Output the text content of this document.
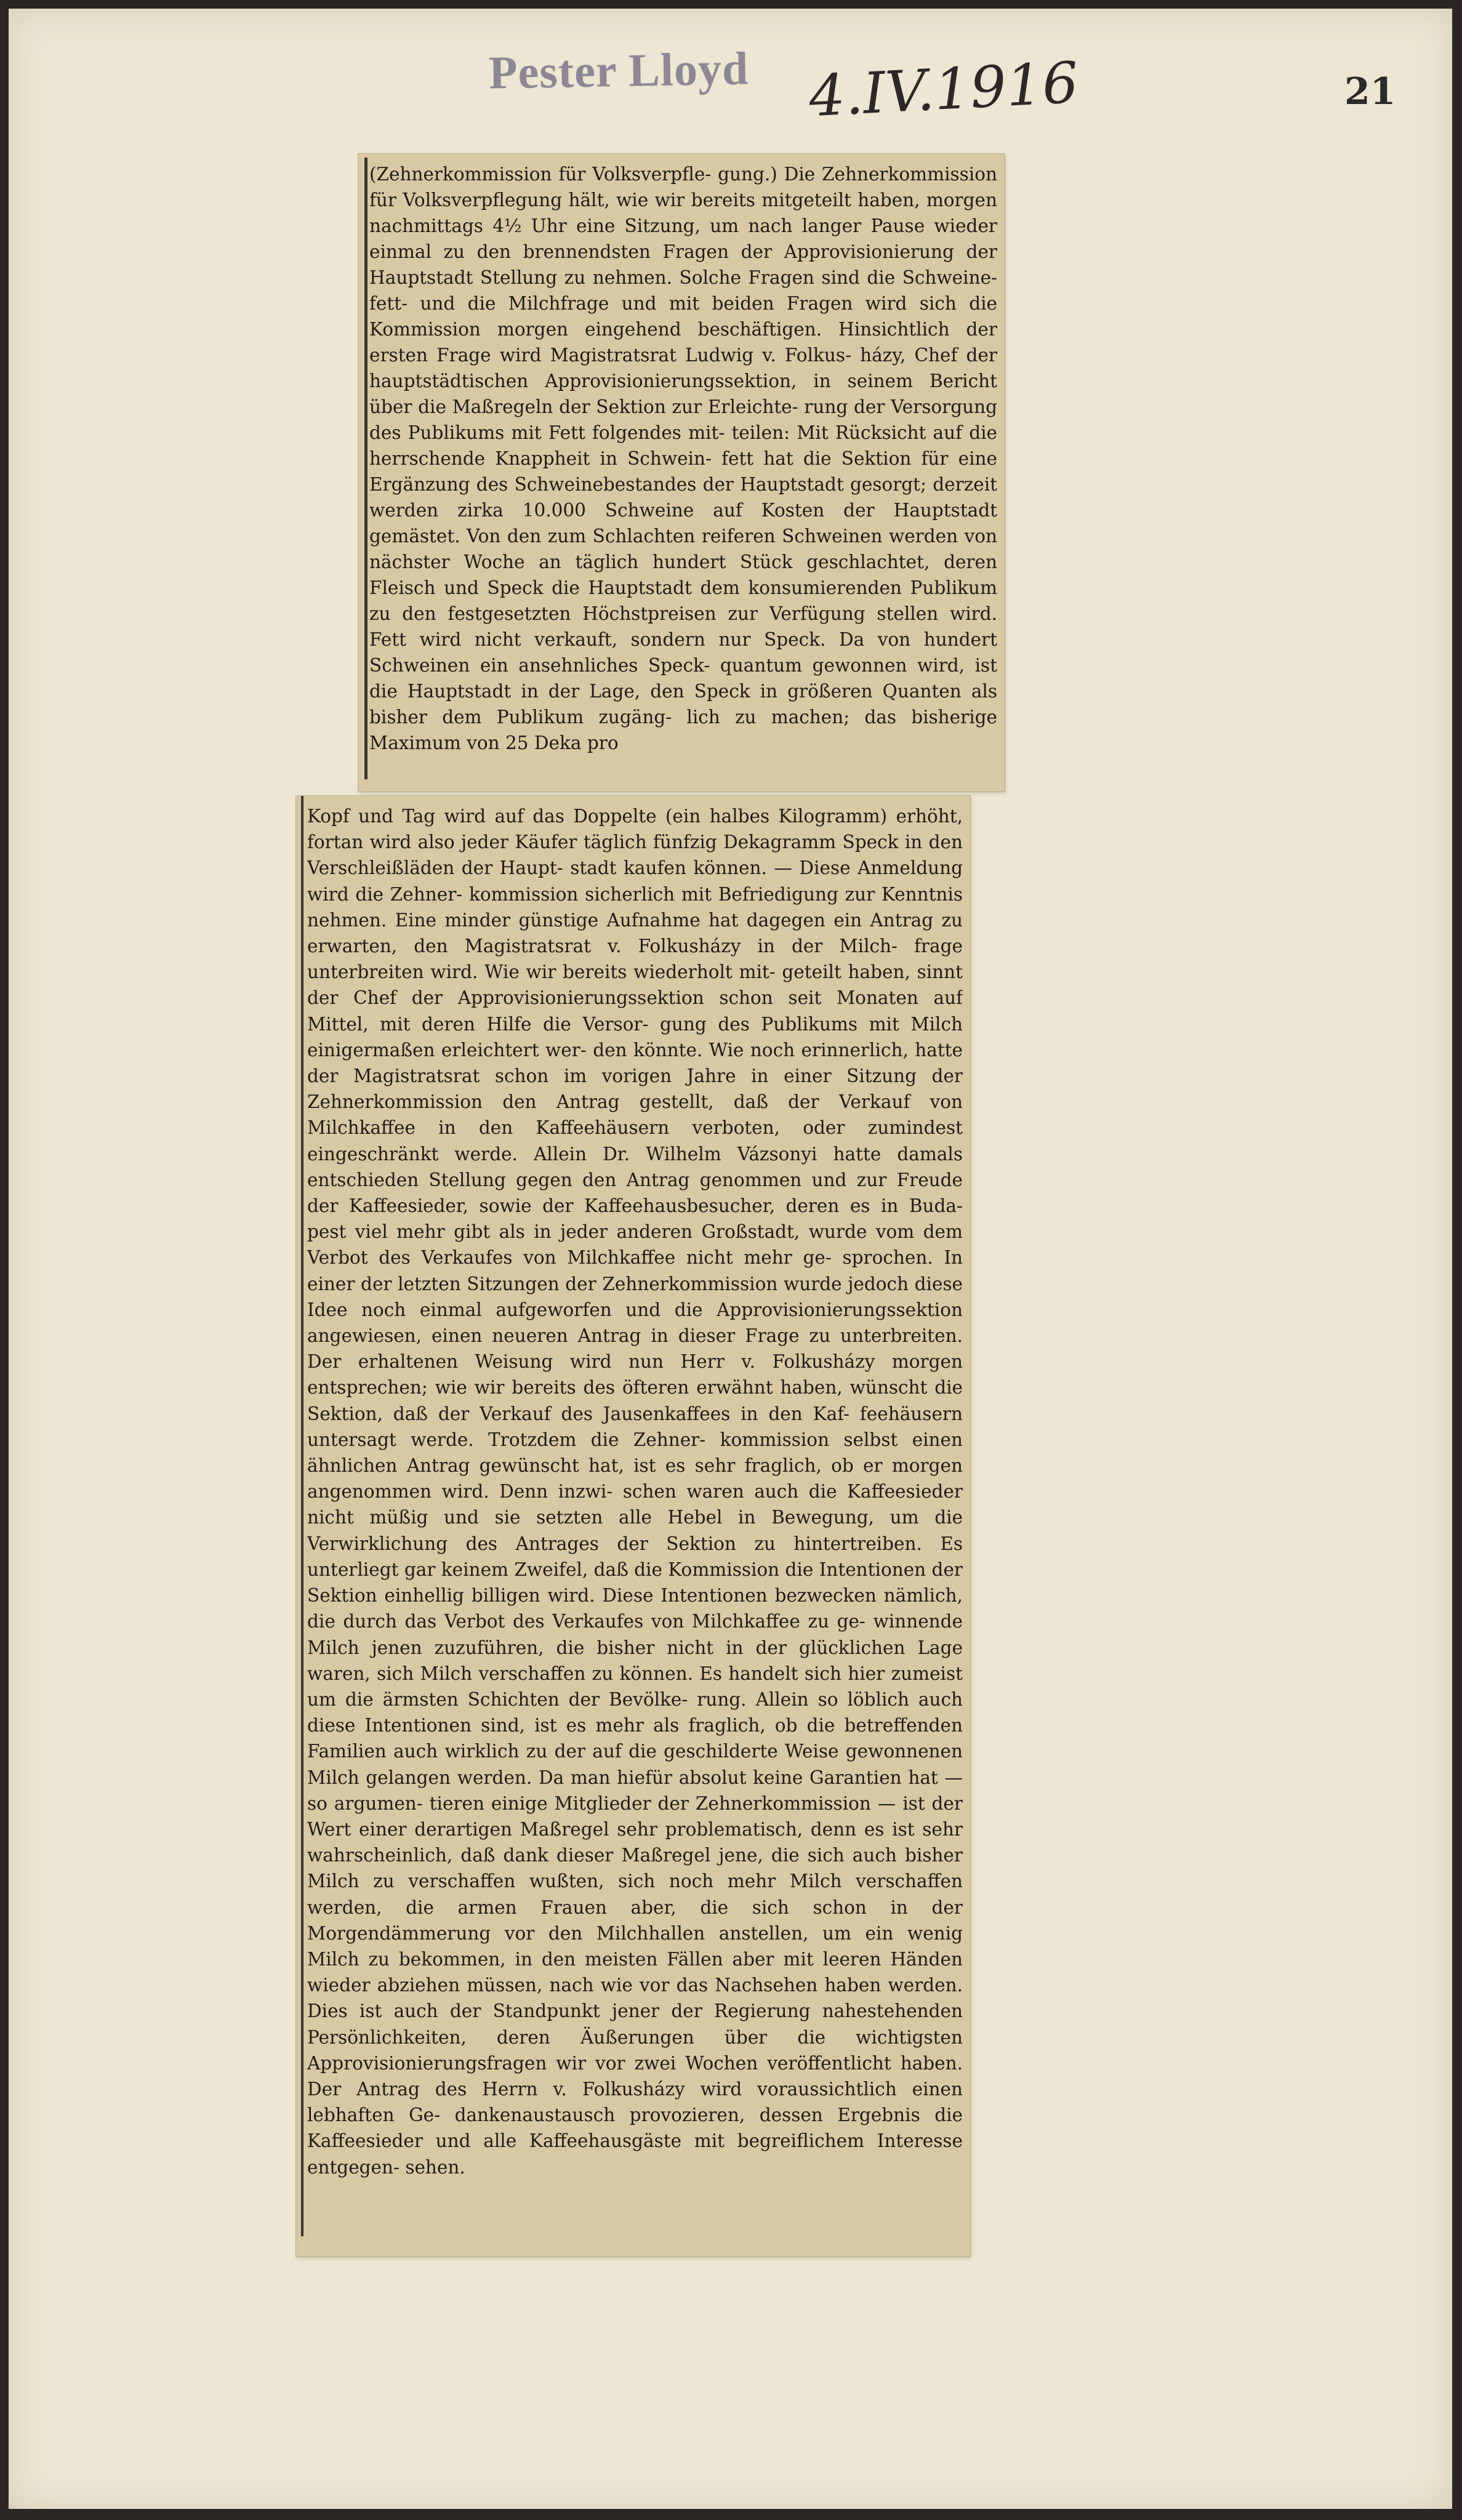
Pester Lloyd 4.IV.1916	21

(Zehnerkommission für Volksverpfle- gung.) Die Zehnerkommission für Volksverpflegung hält, wie wir bereits mitgeteilt haben, morgen nachmittags 4½ Uhr eine Sitzung, um nach langer Pause wieder einmal zu den brennendsten Fragen der Approvisionierung der Hauptstadt Stellung zu nehmen. Solche Fragen sind die Schweine- fett- und die Milchfrage und mit beiden Fragen wird sich die Kommission morgen eingehend beschäftigen. Hinsichtlich der ersten Frage wird Magistratsrat Ludwig v. Folkus- házy, Chef der hauptstädtischen Approvisionierungssektion, in seinem Bericht über die Maßregeln der Sektion zur Erleichte- rung der Versorgung des Publikums mit Fett folgendes mit- teilen: Mit Rücksicht auf die herrschende Knappheit in Schwein- fett hat die Sektion für eine Ergänzung des Schweinebestandes der Hauptstadt gesorgt; derzeit werden zirka 10.000 Schweine auf Kosten der Hauptstadt gemästet. Von den zum Schlachten reiferen Schweinen werden von nächster Woche an täglich hundert Stück geschlachtet, deren Fleisch und Speck die Hauptstadt dem konsumierenden Publikum zu den festgesetzten Höchstpreisen zur Verfügung stellen wird. Fett wird nicht verkauft, sondern nur Speck. Da von hundert Schweinen ein ansehnliches Speck- quantum gewonnen wird, ist die Hauptstadt in der Lage, den Speck in größeren Quanten als bisher dem Publikum zugäng- lich zu machen; das bisherige Maximum von 25 Deka pro

Kopf und Tag wird auf das Doppelte (ein halbes Kilogramm) erhöht, fortan wird also jeder Käufer täglich fünfzig Dekagramm Speck in den Verschleißläden der Haupt- stadt kaufen können. — Diese Anmeldung wird die Zehner- kommission sicherlich mit Befriedigung zur Kenntnis nehmen. Eine minder günstige Aufnahme hat dagegen ein Antrag zu erwarten, den Magistratsrat v. Folkusházy in der Milch- frage unterbreiten wird. Wie wir bereits wiederholt mit- geteilt haben, sinnt der Chef der Approvisionierungssektion schon seit Monaten auf Mittel, mit deren Hilfe die Versor- gung des Publikums mit Milch einigermaßen erleichtert wer- den könnte. Wie noch erinnerlich, hatte der Magistratsrat schon im vorigen Jahre in einer Sitzung der Zehnerkommission den Antrag gestellt, daß der Verkauf von Milchkaffee in den Kaffeehäusern verboten, oder zumindest eingeschränkt werde. Allein Dr. Wilhelm Vázsonyi hatte damals entschieden Stellung gegen den Antrag genommen und zur Freude der Kaffeesieder, sowie der Kaffeehausbesucher, deren es in Buda- pest viel mehr gibt als in jeder anderen Großstadt, wurde vom dem Verbot des Verkaufes von Milchkaffee nicht mehr ge- sprochen. In einer der letzten Sitzungen der Zehnerkommission wurde jedoch diese Idee noch einmal aufgeworfen und die Approvisionierungssektion angewiesen, einen neueren Antrag in dieser Frage zu unterbreiten. Der erhaltenen Weisung wird nun Herr v. Folkusházy morgen entsprechen; wie wir bereits des öfteren erwähnt haben, wünscht die Sektion, daß der Verkauf des Jausenkaffees in den Kaf- feehäusern untersagt werde. Trotzdem die Zehner- kommission selbst einen ähnlichen Antrag gewünscht hat, ist es sehr fraglich, ob er morgen angenommen wird. Denn inzwi- schen waren auch die Kaffeesieder nicht müßig und sie setzten alle Hebel in Bewegung, um die Verwirklichung des Antrages der Sektion zu hintertreiben. Es unterliegt gar keinem Zweifel, daß die Kommission die Intentionen der Sektion einhellig billigen wird. Diese Intentionen bezwecken nämlich, die durch das Verbot des Verkaufes von Milchkaffee zu ge- winnende Milch jenen zuzuführen, die bisher nicht in der glücklichen Lage waren, sich Milch verschaffen zu können. Es handelt sich hier zumeist um die ärmsten Schichten der Bevölke- rung. Allein so löblich auch diese Intentionen sind, ist es mehr als fraglich, ob die betreffenden Familien auch wirklich zu der auf die geschilderte Weise gewonnenen Milch gelangen werden. Da man hiefür absolut keine Garantien hat — so argumen- tieren einige Mitglieder der Zehnerkommission — ist der Wert einer derartigen Maßregel sehr problematisch, denn es ist sehr wahrscheinlich, daß dank dieser Maßregel jene, die sich auch bisher Milch zu verschaffen wußten, sich noch mehr Milch verschaffen werden, die armen Frauen aber, die sich schon in der Morgendämmerung vor den Milchhallen anstellen, um ein wenig Milch zu bekommen, in den meisten Fällen aber mit leeren Händen wieder abziehen müssen, nach wie vor das Nachsehen haben werden. Dies ist auch der Standpunkt jener der Regierung nahestehenden Persönlichkeiten, deren Äußerungen über die wichtigsten Approvisionierungsfragen wir vor zwei Wochen veröffentlicht haben. Der Antrag des Herrn v. Folkusházy wird voraussichtlich einen lebhaften Ge- dankenaustausch provozieren, dessen Ergebnis die Kaffeesieder und alle Kaffeehausgäste mit begreiflichem Interesse entgegen- sehen.
